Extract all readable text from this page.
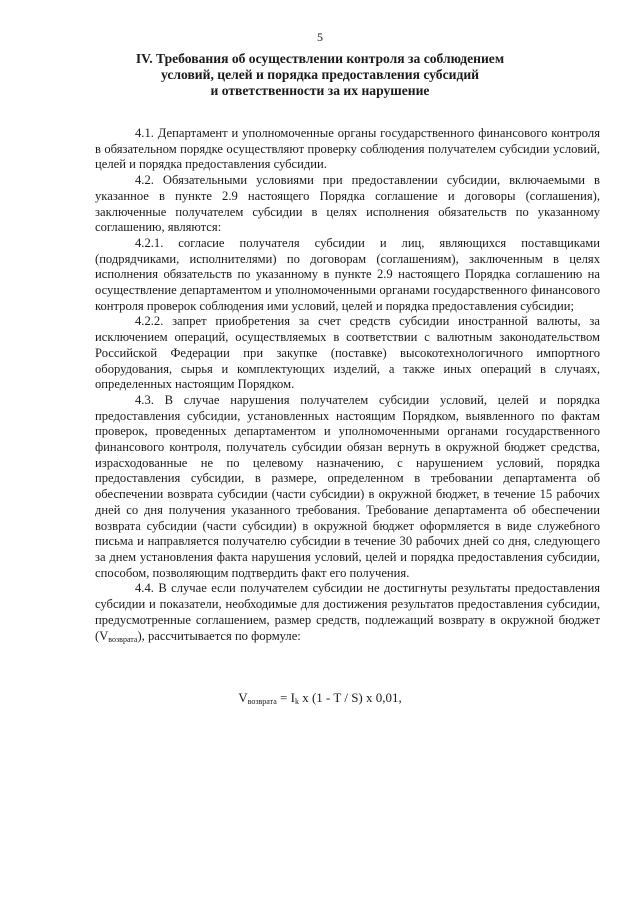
5
IV. Требования об осуществлении контроля за соблюдением
условий, целей и порядка предоставления субсидий
и ответственности за их нарушение

4.1. Департамент и уполномоченные органы государственного финансового контроля в обязательном порядке осуществляют проверку соблюдения получателем субсидии условий, целей и порядка предоставления субсидии.

4.2. Обязательными условиями при предоставлении субсидии, включаемыми в указанное в пункте 2.9 настоящего Порядка соглашение и договоры (соглашения), заключенные получателем субсидии в целях исполнения обязательств по указанному соглашению, являются:

4.2.1. согласие получателя субсидии и лиц, являющихся поставщиками (подрядчиками, исполнителями) по договорам (соглашениям), заключенным в целях исполнения обязательств по указанному в пункте 2.9 настоящего Порядка соглашению на осуществление департаментом и уполномоченными органами государственного финансового контроля проверок соблюдения ими условий, целей и порядка предоставления субсидии;

4.2.2. запрет приобретения за счет средств субсидии иностранной валюты, за исключением операций, осуществляемых в соответствии с валютным законодательством Российской Федерации при закупке (поставке) высокотехнологичного импортного оборудования, сырья и комплектующих изделий, а также иных операций в случаях, определенных настоящим Порядком.

4.3. В случае нарушения получателем субсидии условий, целей и порядка предоставления субсидии, установленных настоящим Порядком, выявленного по фактам проверок, проведенных департаментом и уполномоченными органами государственного финансового контроля, получатель субсидии обязан вернуть в окружной бюджет средства, израсходованные не по целевому назначению, с нарушением условий, порядка предоставления субсидии, в размере, определенном в требовании департамента об обеспечении возврата субсидии (части субсидии) в окружной бюджет, в течение 15 рабочих дней со дня получения указанного требования. Требование департамента об обеспечении возврата субсидии (части субсидии) в окружной бюджет оформляется в виде служебного письма и направляется получателю субсидии в течение 30 рабочих дней со дня, следующего за днем установления факта нарушения условий, целей и порядка предоставления субсидии, способом, позволяющим подтвердить факт его получения.

4.4. В случае если получателем субсидии не достигнуты результаты предоставления субсидии и показатели, необходимые для достижения результатов предоставления субсидии, предусмотренные соглашением, размер средств, подлежащий возврату в окружной бюджет $(V_{возврата})$, рассчитывается по формуле:

$V_{возврата} = I_k$ x (1 - T / S) x 0,01,
